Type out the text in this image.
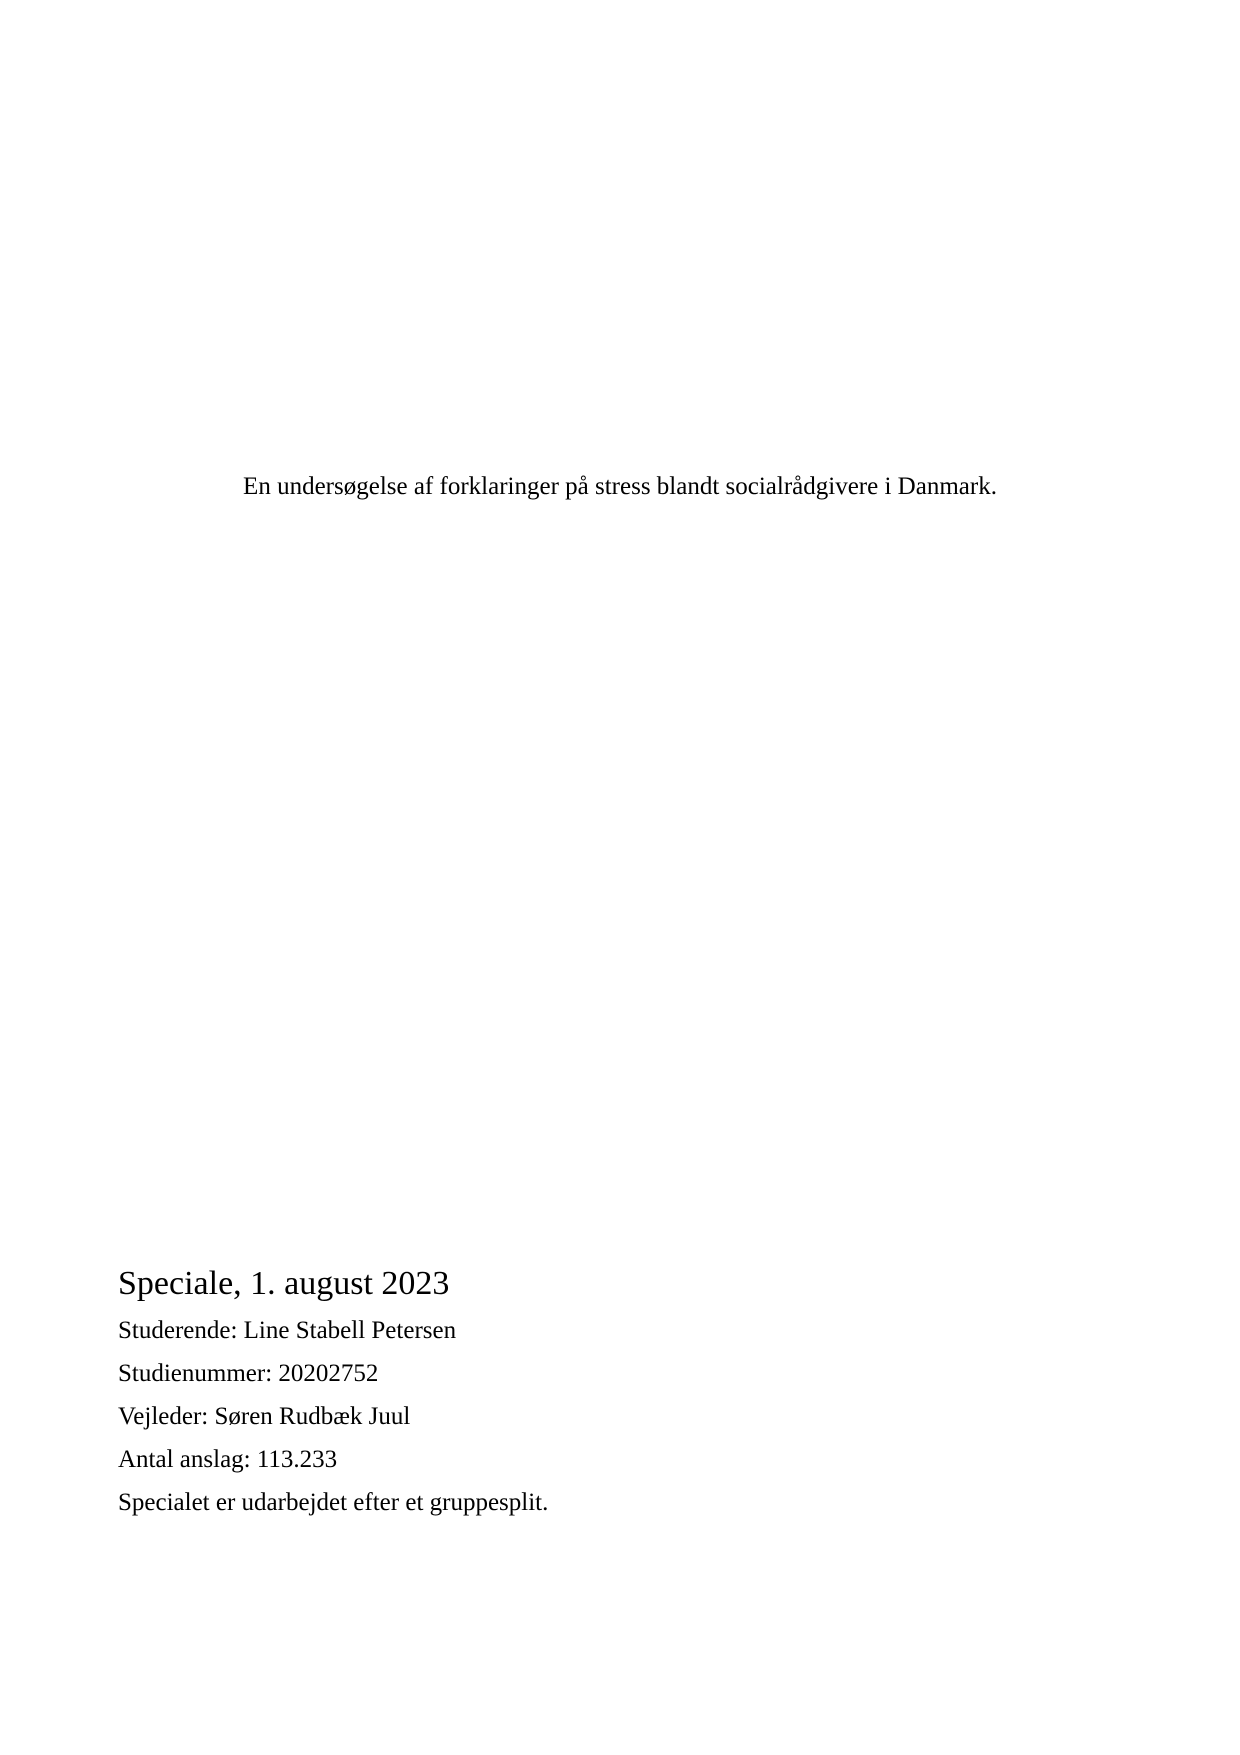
En undersøgelse af forklaringer på stress blandt socialrådgivere i Danmark.
Speciale, 1. august 2023
Studerende: Line Stabell Petersen
Studienummer: 20202752
Vejleder: Søren Rudbæk Juul
Antal anslag: 113.233
Specialet er udarbejdet efter et gruppesplit.
